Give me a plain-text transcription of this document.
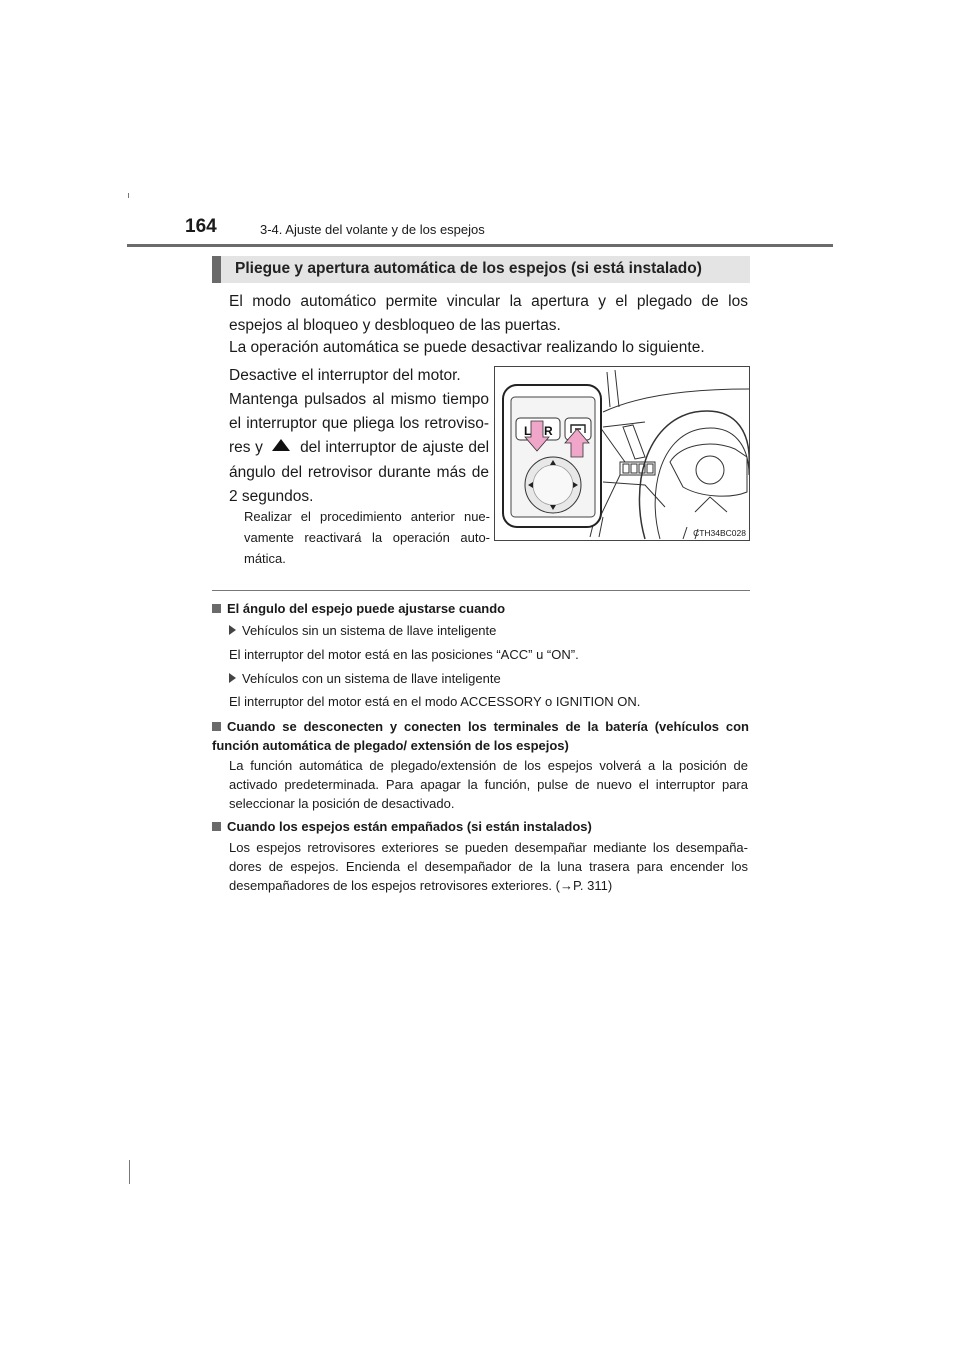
164	3-4. Ajuste del volante y de los espejos
Pliegue y apertura automática de los espejos (si está instalado)
El modo automático permite vincular la apertura y el plegado de los espejos al bloqueo y desbloqueo de las puertas.
La operación automática se puede desactivar realizando lo siguiente.
Desactive el interruptor del motor.
Mantenga pulsados al mismo tiempo el interruptor que pliega los retroviso- res y del interruptor de ajuste del ángulo del retrovisor durante más de 2 segundos.
Realizar el procedimiento anterior nue- vamente reactivará la operación auto- mática.
L R
CTH34BC028
El ángulo del espejo puede ajustarse cuando
Vehículos sin un sistema de llave inteligente
El interruptor del motor está en las posiciones “ACC” u “ON”.
Vehículos con un sistema de llave inteligente
El interruptor del motor está en el modo ACCESSORY o IGNITION ON.
Cuando se desconecten y conecten los terminales de la batería (vehículos con función automática de plegado/ extensión de los espejos)
La función automática de plegado/extensión de los espejos volverá a la posición de activado predeterminada. Para apagar la función, pulse de nuevo el interruptor para seleccionar la posición de desactivado.
Cuando los espejos están empañados (si están instalados)
Los espejos retrovisores exteriores se pueden desempañar mediante los desempaña- dores de espejos. Encienda el desempañador de la luna trasera para encender los desempañadores de los espejos retrovisores exteriores. (→P. 311)
